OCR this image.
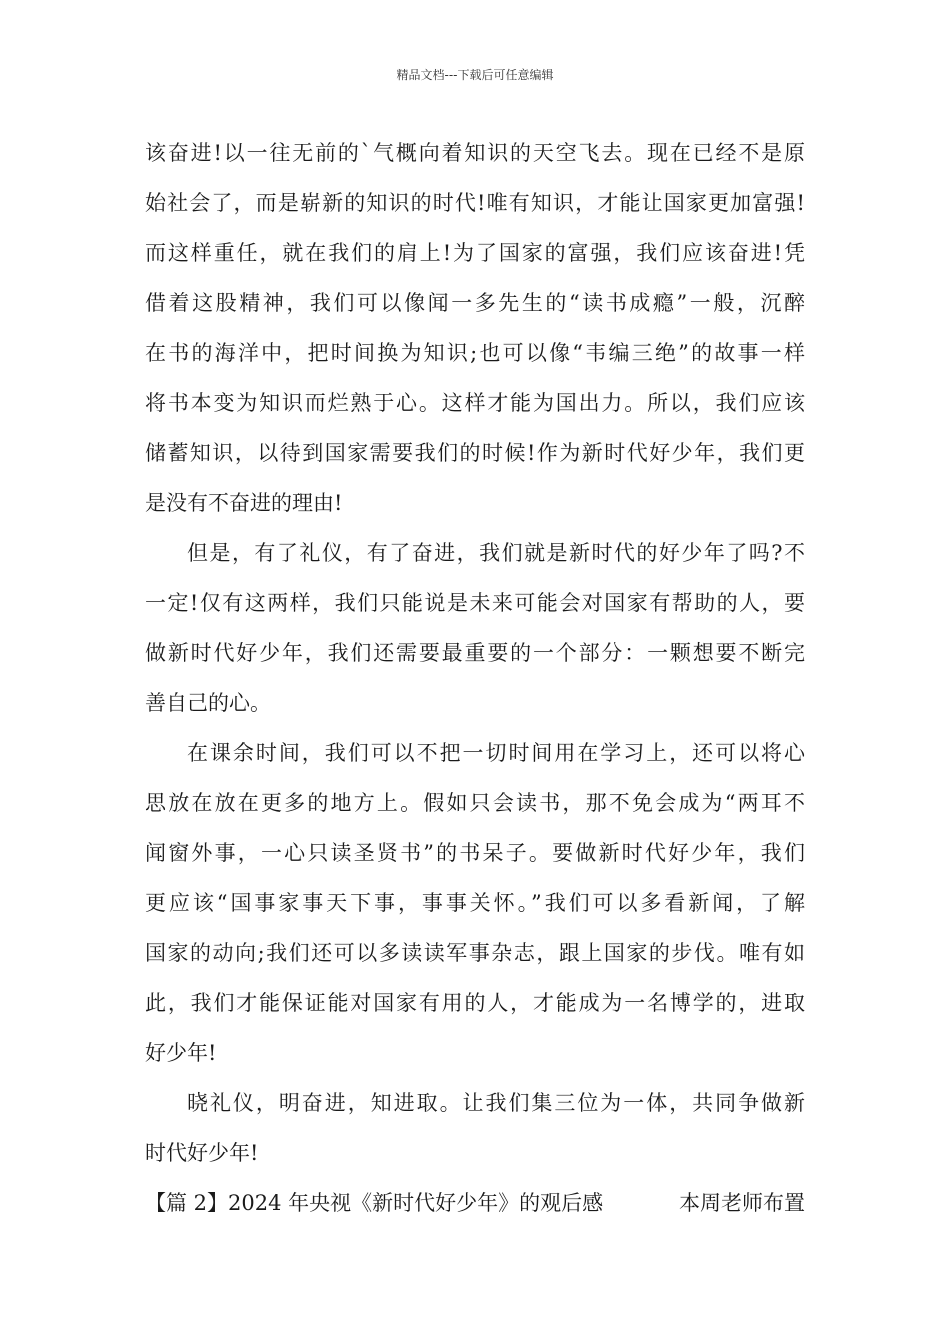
精品文档---下载后可任意编辑
该奋进!以一往无前的`气概向着知识的天空飞去。现在已经不是原
始社会了，而是崭新的知识的时代!唯有知识，才能让国家更加富强!
而这样重任，就在我们的肩上!为了国家的富强，我们应该奋进!凭
借着这股精神，我们可以像闻一多先生的“读书成瘾”一般，沉醉
在书的海洋中，把时间换为知识;也可以像“韦编三绝”的故事一样
将书本变为知识而烂熟于心。这样才能为国出力。所以，我们应该
储蓄知识，以待到国家需要我们的时候!作为新时代好少年，我们更
是没有不奋进的理由!
但是，有了礼仪，有了奋进，我们就是新时代的好少年了吗?不
一定!仅有这两样，我们只能说是未来可能会对国家有帮助的人，要
做新时代好少年，我们还需要最重要的一个部分：一颗想要不断完
善自己的心。
在课余时间，我们可以不把一切时间用在学习上，还可以将心
思放在放在更多的地方上。假如只会读书，那不免会成为“两耳不
闻窗外事，一心只读圣贤书”的书呆子。要做新时代好少年，我们
更应该“国事家事天下事，事事关怀。”我们可以多看新闻，了解
国家的动向;我们还可以多读读军事杂志，跟上国家的步伐。唯有如
此，我们才能保证能对国家有用的人，才能成为一名博学的，进取
好少年!
晓礼仪，明奋进，知进取。让我们集三位为一体，共同争做新
时代好少年!
【篇 2】2024 年央视《新时代好少年》的观后感	本周老师布置
